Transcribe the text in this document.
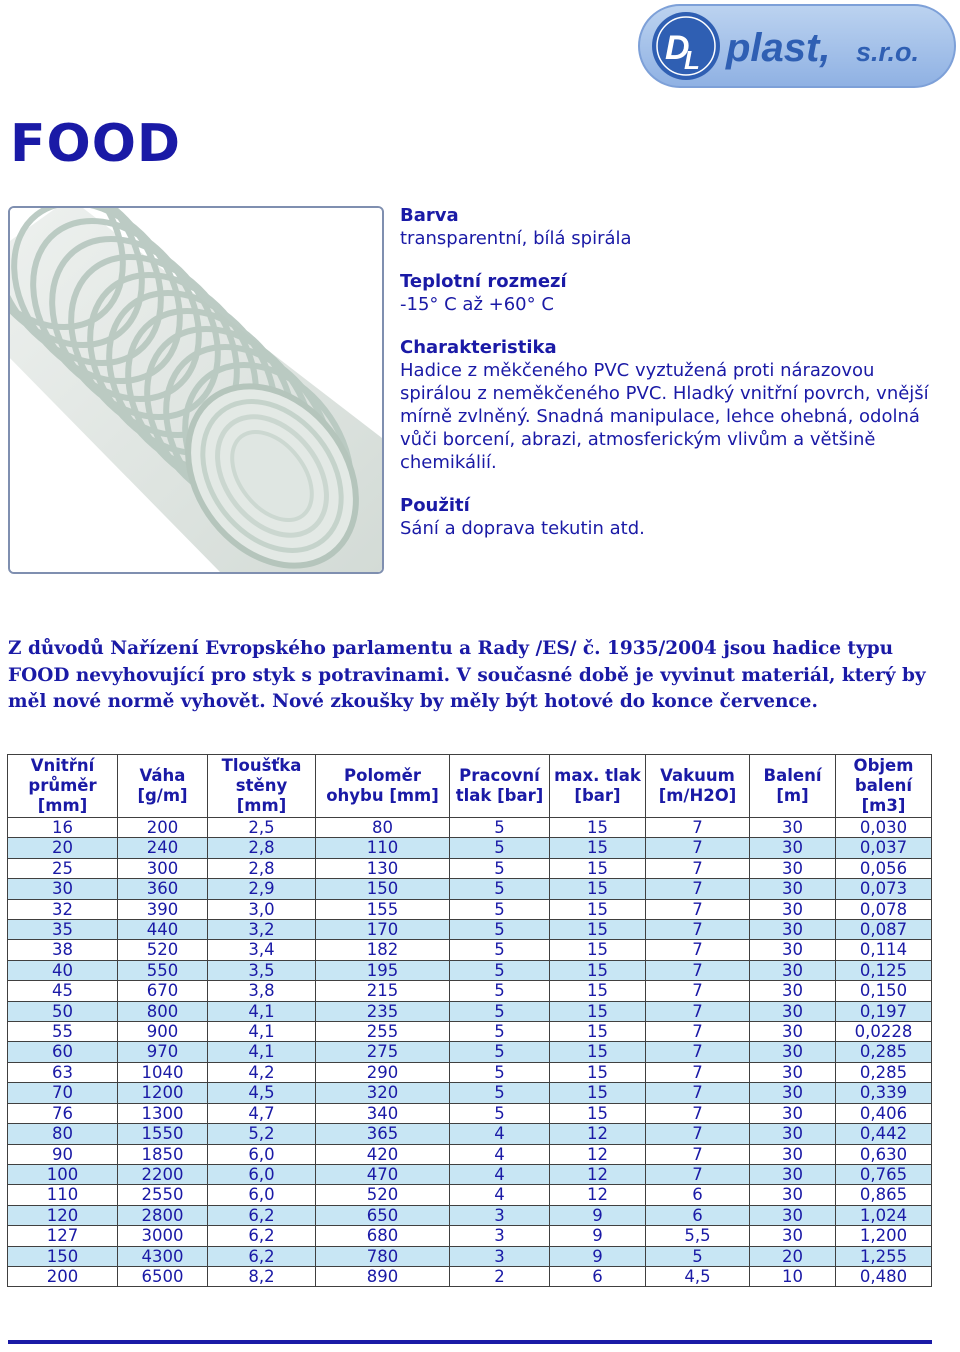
D
L plast, s.r.o.
FOOD
Barva
transparentní, bílá spirála
Teplotní rozmezí
-15° C až +60° C
Charakteristika
Hadice z měkčeného PVC vyztužená proti nárazovou spirálou z neměkčeného PVC. Hladký vnitřní povrch, vnější mírně zvlněný. Snadná manipulace, lehce ohebná, odolná vůči borcení, abrazi, atmosferickým vlivům a většině chemikálií.
Použití
Sání a doprava tekutin atd.

Z důvodů Nařízení Evropského parlamentu a Rady /ES/ č. 1935/2004 jsou hadice typu FOOD nevyhovující pro styk s potravinami. V současné době je vyvinut materiál, který by měl nové normě vyhovět. Nové zkoušky by měly být hotové do konce července.

Vnitřní průměr [mm]	Váha [g/m]	Tloušťka stěny [mm]	Poloměr ohybu [mm]	Pracovní tlak [bar]	max. tlak [bar]	Vakuum [m/H2O]	Balení [m]	Objem balení [m3]
16	200	2,5	80	5	15	7	30	0,030
20	240	2,8	110	5	15	7	30	0,037
25	300	2,8	130	5	15	7	30	0,056
30	360	2,9	150	5	15	7	30	0,073
32	390	3,0	155	5	15	7	30	0,078
35	440	3,2	170	5	15	7	30	0,087
38	520	3,4	182	5	15	7	30	0,114
40	550	3,5	195	5	15	7	30	0,125
45	670	3,8	215	5	15	7	30	0,150
50	800	4,1	235	5	15	7	30	0,197
55	900	4,1	255	5	15	7	30	0,0228
60	970	4,1	275	5	15	7	30	0,285
63	1040	4,2	290	5	15	7	30	0,285
70	1200	4,5	320	5	15	7	30	0,339
76	1300	4,7	340	5	15	7	30	0,406
80	1550	5,2	365	4	12	7	30	0,442
90	1850	6,0	420	4	12	7	30	0,630
100	2200	6,0	470	4	12	7	30	0,765
110	2550	6,0	520	4	12	6	30	0,865
120	2800	6,2	650	3	9	6	30	1,024
127	3000	6,2	680	3	9	5,5	30	1,200
150	4300	6,2	780	3	9	5	20	1,255
200	6500	8,2	890	2	6	4,5	10	0,480
